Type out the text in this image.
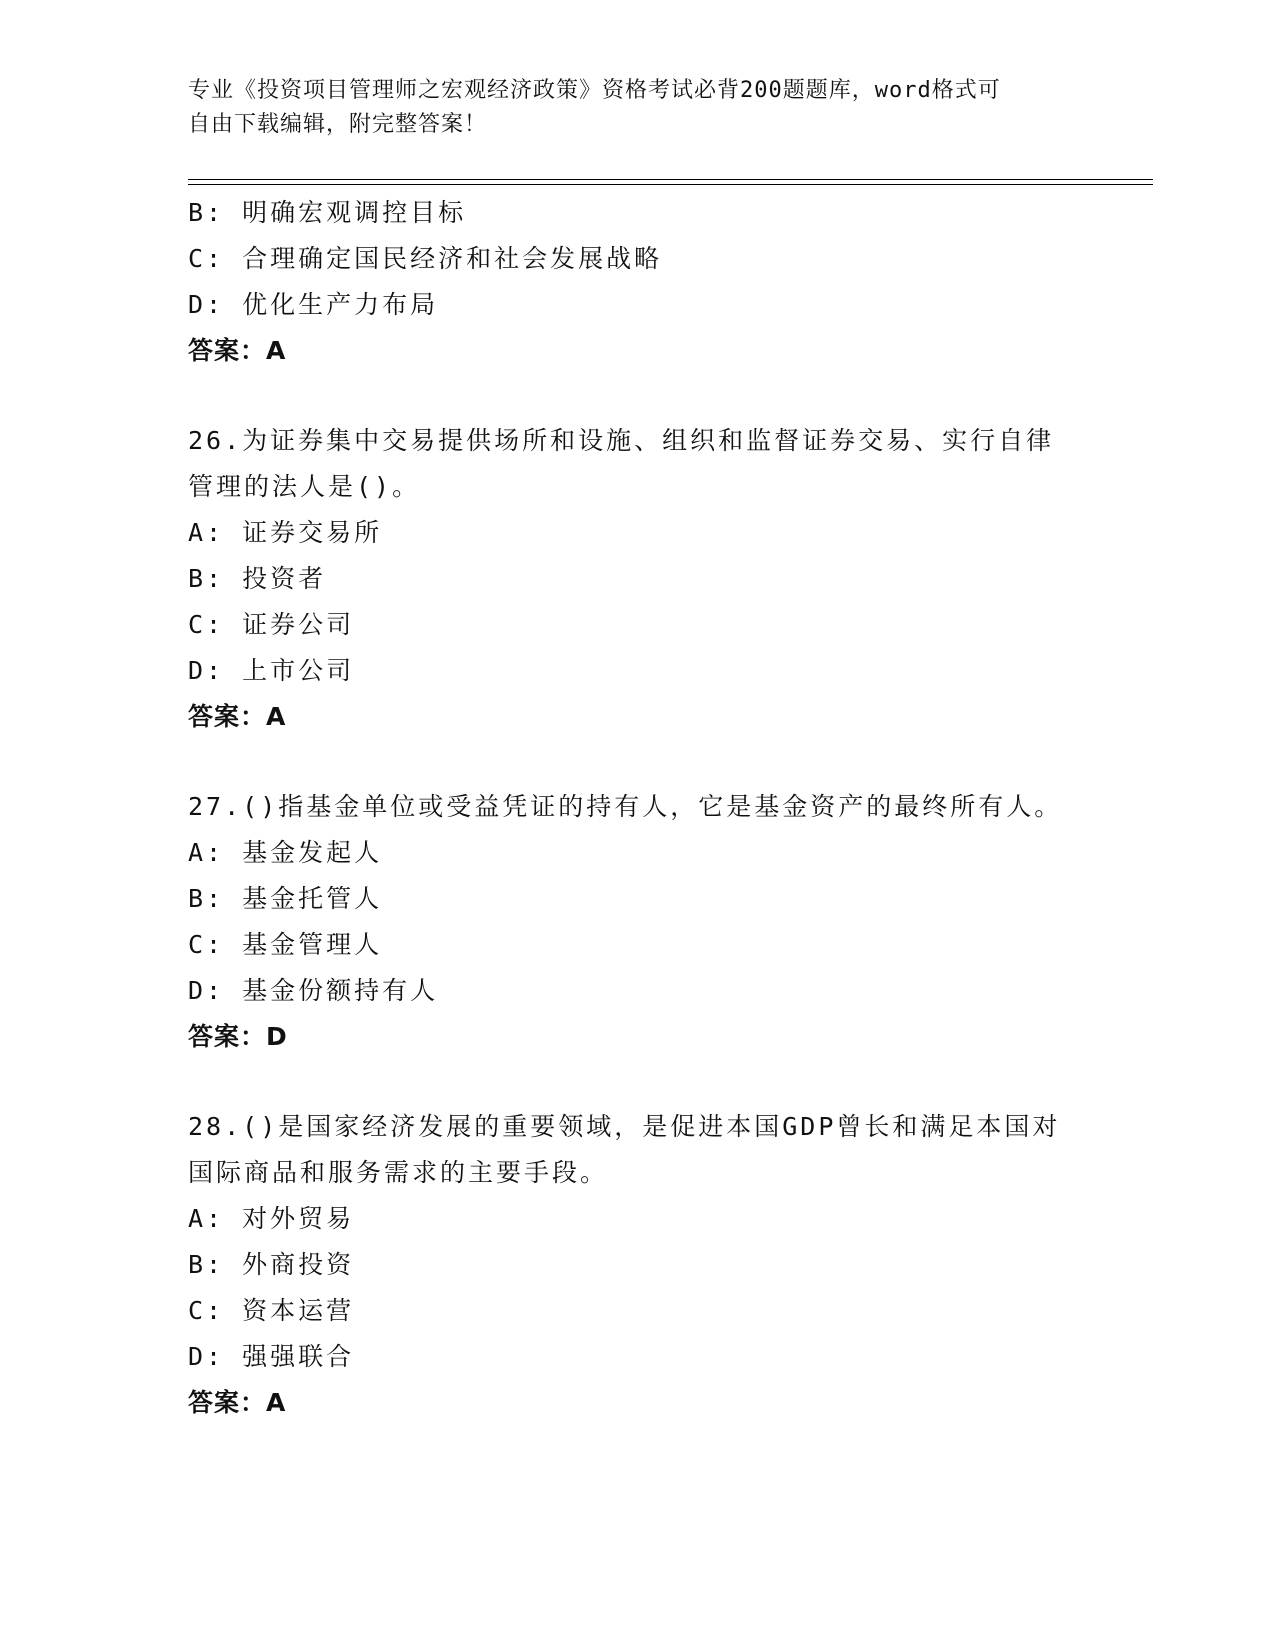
专业《投资项目管理师之宏观经济政策》资格考试必背200题题库，word格式可
自由下载编辑，附完整答案！
B: 明确宏观调控目标
C: 合理确定国民经济和社会发展战略
D: 优化生产力布局
答案：A
26.为证券集中交易提供场所和设施、组织和监督证券交易、实行自律
管理的法人是()。
A: 证券交易所
B: 投资者
C: 证券公司
D: 上市公司
答案：A
27.()指基金单位或受益凭证的持有人，它是基金资产的最终所有人。
A: 基金发起人
B: 基金托管人
C: 基金管理人
D: 基金份额持有人
答案：D
28.()是国家经济发展的重要领域，是促进本国GDP曾长和满足本国对
国际商品和服务需求的主要手段。
A: 对外贸易
B: 外商投资
C: 资本运营
D: 强强联合
答案：A
